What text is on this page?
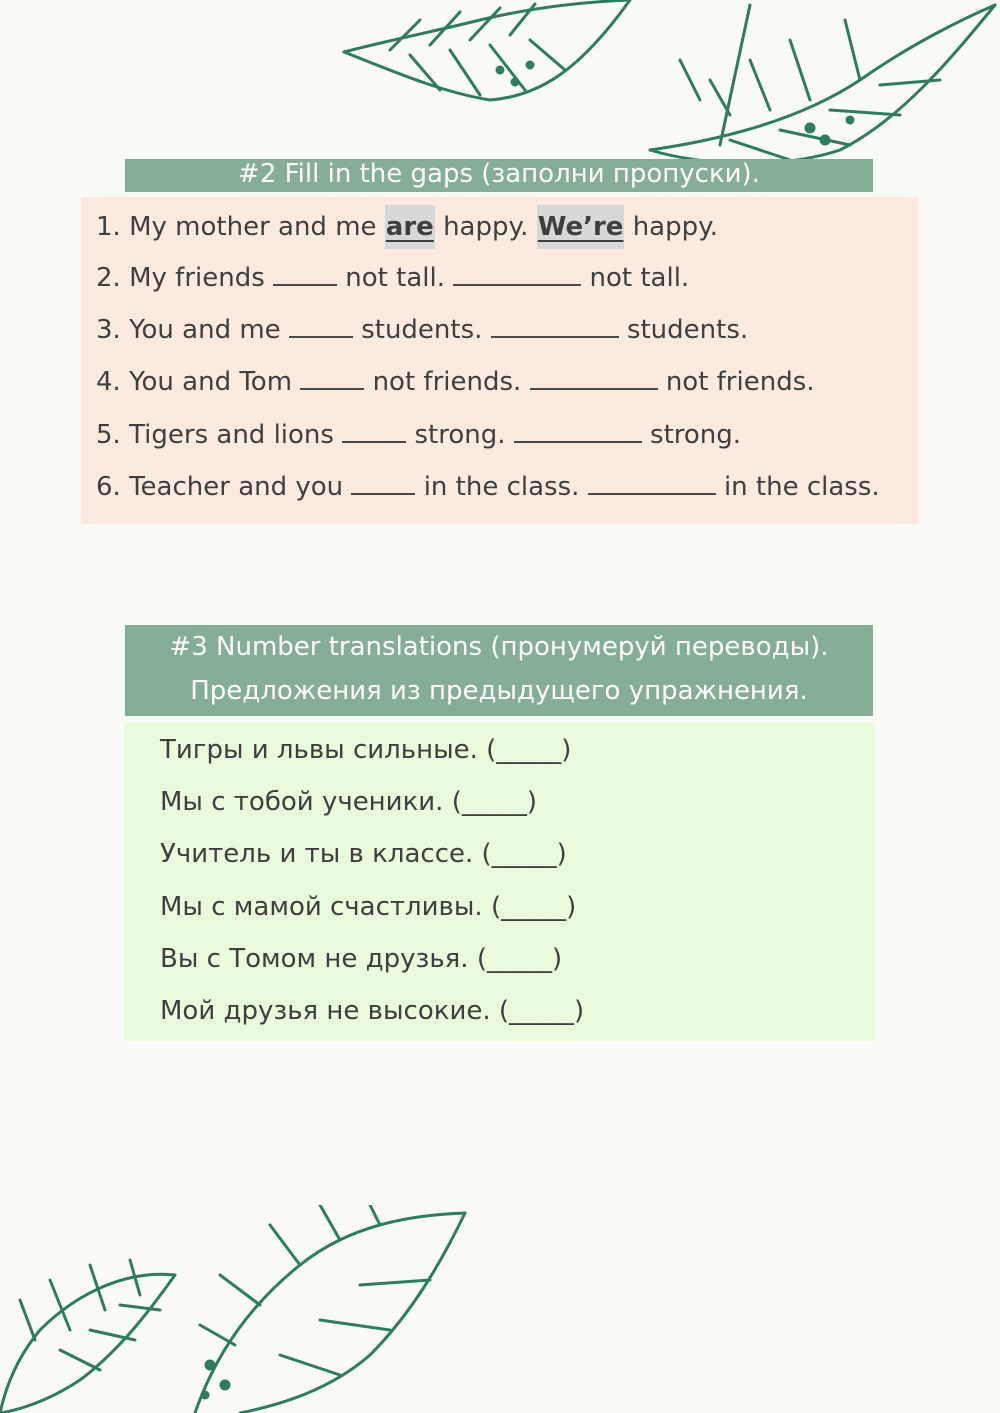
#2 Fill in the gaps (заполни пропуски).
1. My mother and me are happy. We’re happy.
2. My friends	not tall.	not tall.
3. You and me	students.	students.
4. You and Tom	not friends.	not friends.
5. Tigers and lions	strong.	strong.
6. Teacher and you	in the class.	in the class.
#3 Number translations (пронумеруй переводы).
Предложения из предыдущего упражнения.
Тигры и львы сильные. (_____)
Мы с тобой ученики. (_____)
Учитель и ты в классе. (_____)
Мы с мамой счастливы. (_____)
Вы с Томом не друзья. (_____)
Мой друзья не высокие. (_____)
